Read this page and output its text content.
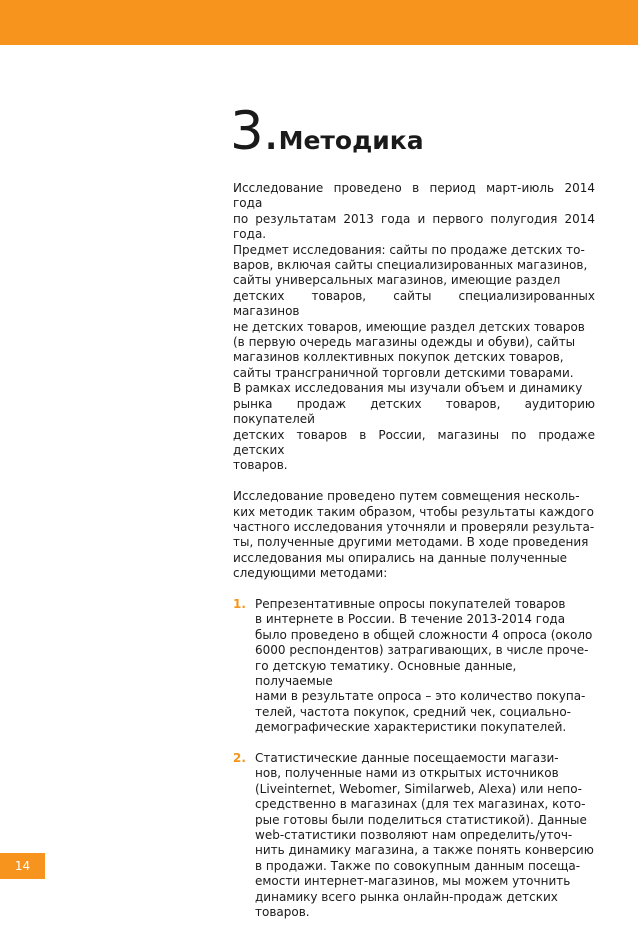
3.Методика

Исследование проведено в период март-июль 2014 года
по результатам 2013 года и первого полугодия 2014 года.
Предмет исследования: сайты по продаже детских то-
варов, включая сайты специализированных магазинов,
сайты универсальных магазинов, имеющие раздел
детских товаров, сайты специализированных магазинов
не детских товаров, имеющие раздел детских товаров
(в первую очередь магазины одежды и обуви), сайты
магазинов коллективных покупок детских товаров,
сайты трансграничной торговли детскими товарами.
В рамках исследования мы изучали объем и динамику
рынка продаж детских товаров, аудиторию покупателей
детских товаров в России, магазины по продаже детских
товаров.

Исследование проведено путем совмещения несколь-
ких методик таким образом, чтобы результаты каждого
частного исследования уточняли и проверяли результа-
ты, полученные другими методами. В ходе проведения
исследования мы опирались на данные полученные
следующими методами:

1. Репрезентативные опросы покупателей товаров
в интернете в России. В течение 2013-2014 года
было проведено в общей сложности 4 опроса (около
6000 респондентов) затрагивающих, в числе проче-
го детскую тематику. Основные данные, получаемые
нами в результате опроса – это количество покупа-
телей, частота покупок, средний чек, социально-
демографические характеристики покупателей.
2. Статистические данные посещаемости магази-
нов, полученные нами из открытых источников
(Liveinternet, Webomer, Similarweb, Alexa) или непо-
средственно в магазинах (для тех магазинах, кото-
рые готовы были поделиться статистикой). Данные
web-статистики позволяют нам определить/уточ-
нить динамику магазина, а также понять конверсию
в продажи. Также по совокупным данным посеща-
емости интернет-магазинов, мы можем уточнить
динамику всего рынка онлайн-продаж детских
товаров.
14
